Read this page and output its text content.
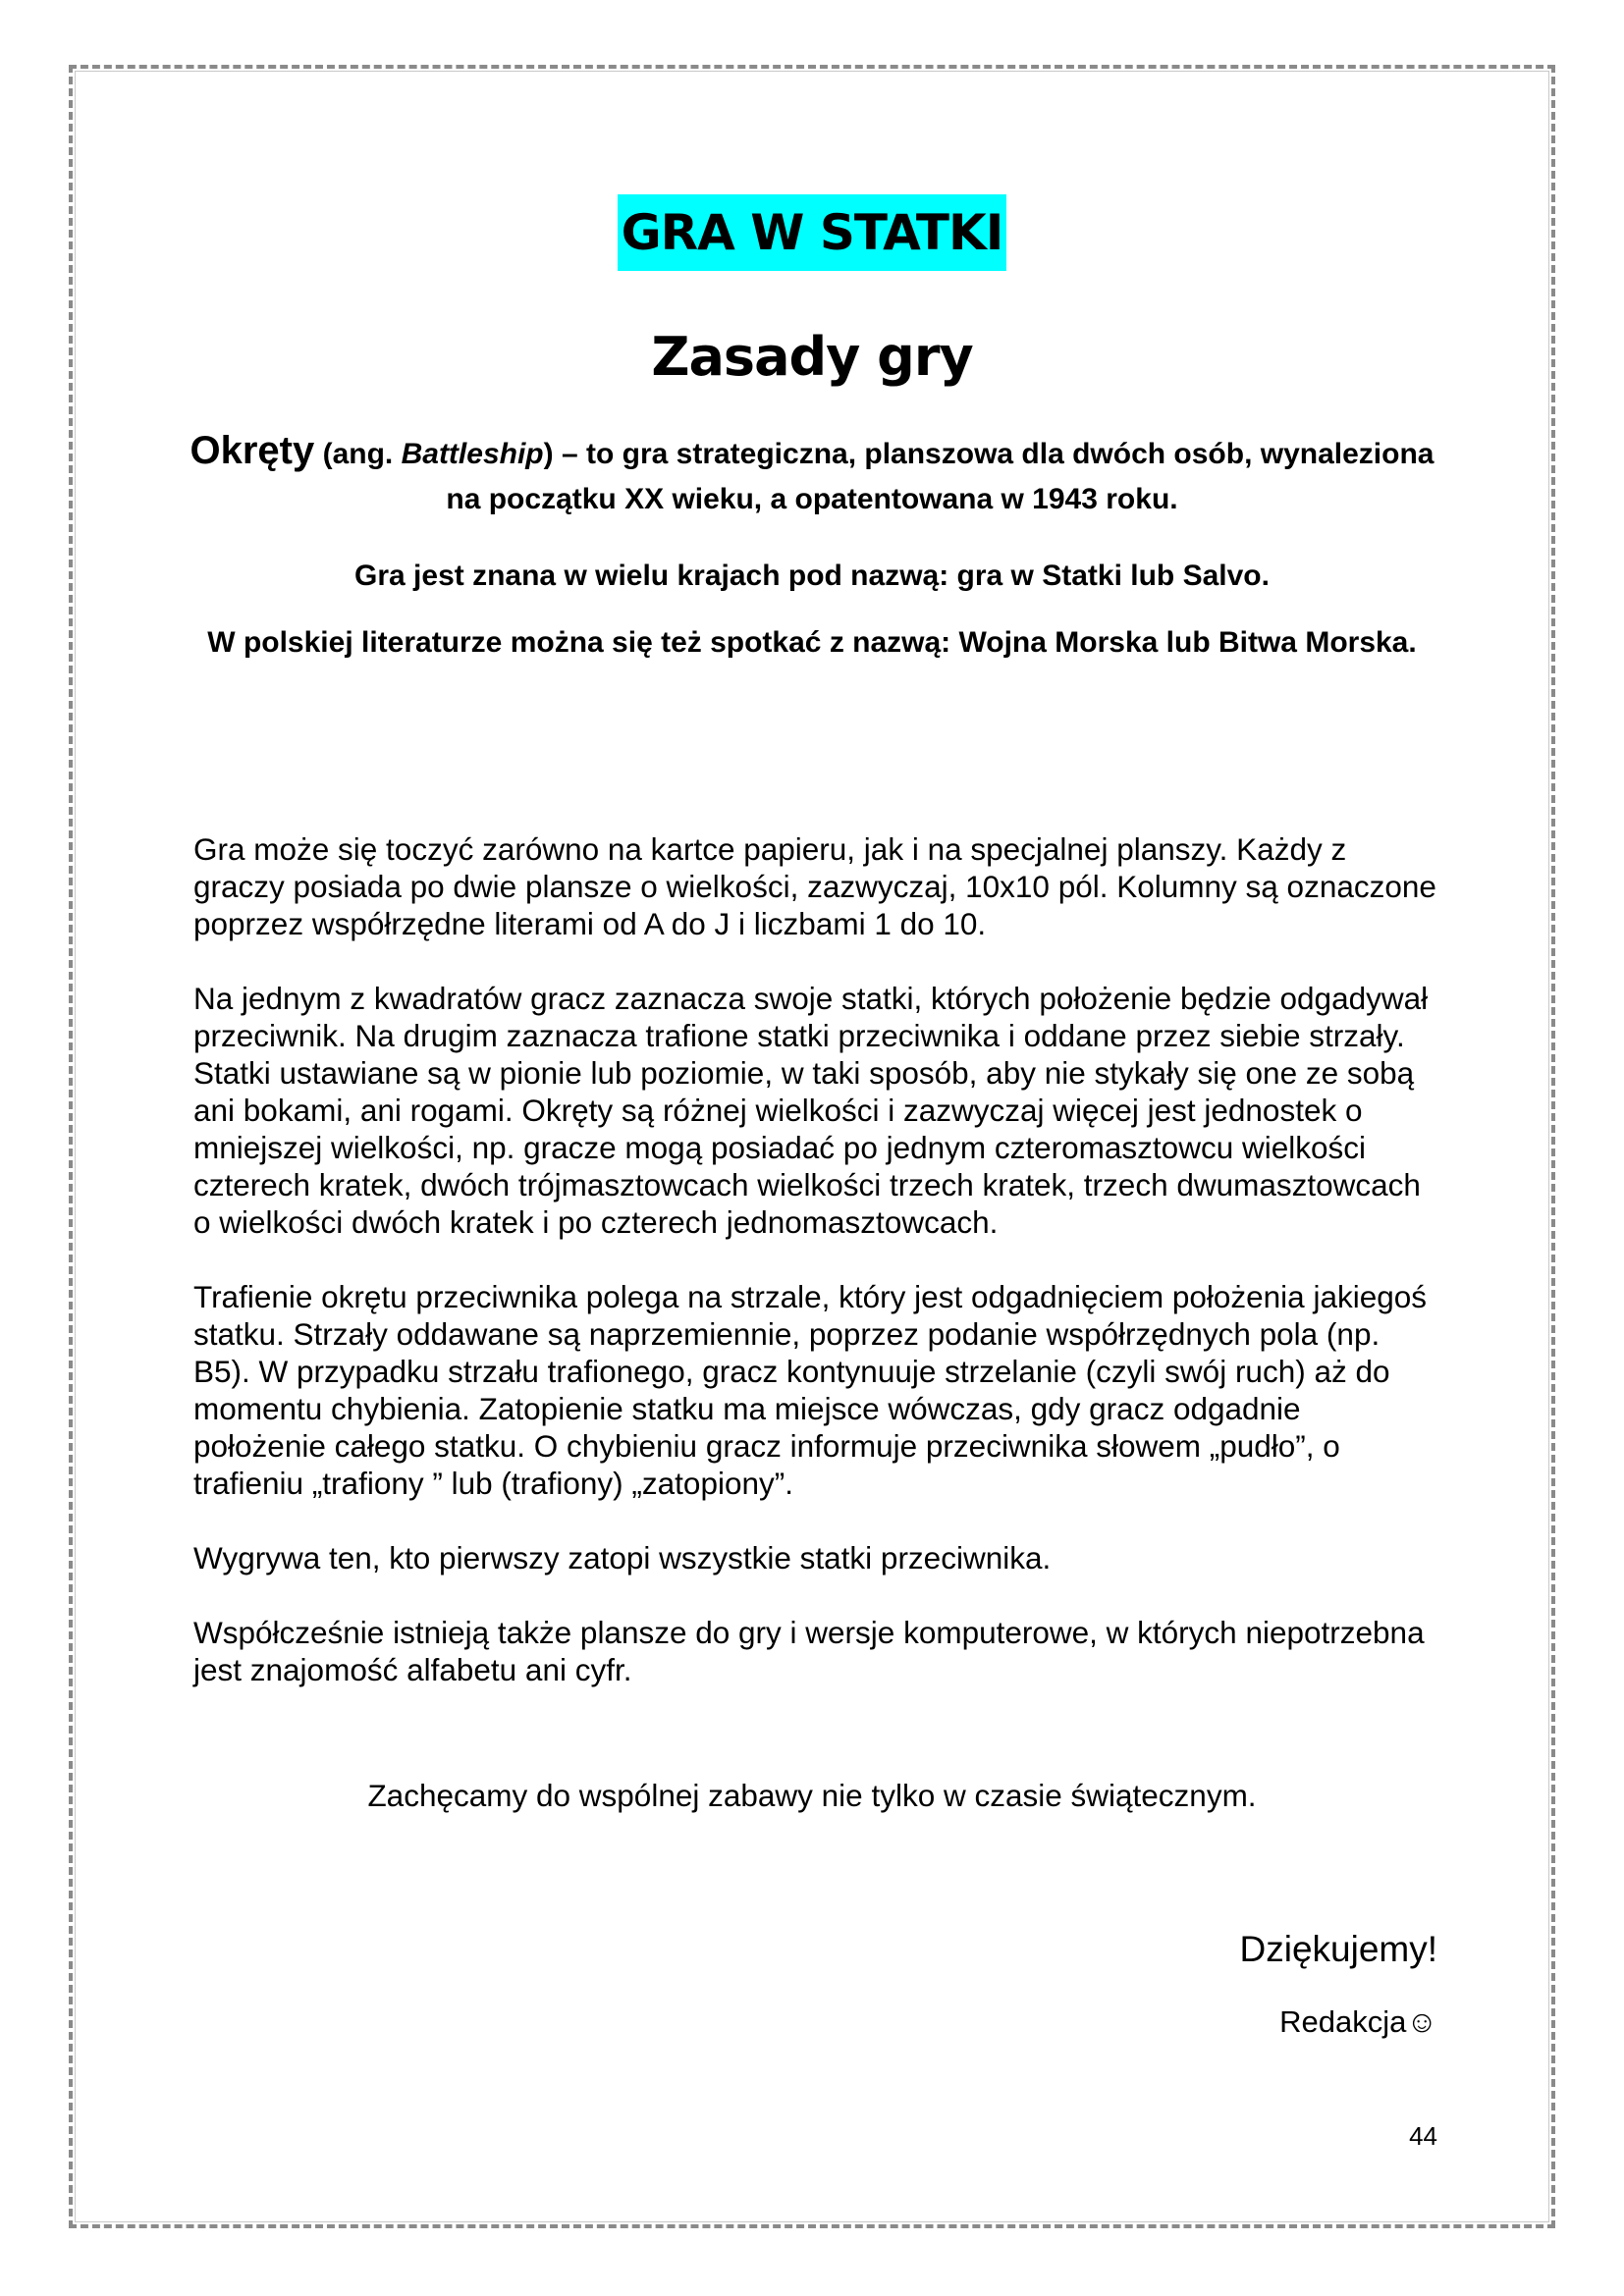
GRA W STATKI
Zasady gry
Okręty (ang. Battleship) – to gra strategiczna, planszowa dla dwóch osób, wynaleziona na początku XX wieku, a opatentowana w 1943 roku.
Gra jest znana w wielu krajach pod nazwą: gra w Statki lub Salvo.
W polskiej literaturze można się też spotkać z nazwą: Wojna Morska lub Bitwa Morska.

Gra może się toczyć zarówno na kartce papieru, jak i na specjalnej planszy. Każdy z graczy posiada po dwie plansze o wielkości, zazwyczaj, 10x10 pól. Kolumny są oznaczone poprzez współrzędne literami od A do J i liczbami 1 do 10.

Na jednym z kwadratów gracz zaznacza swoje statki, których położenie będzie odgadywał przeciwnik. Na drugim zaznacza trafione statki przeciwnika i oddane przez siebie strzały. Statki ustawiane są w pionie lub poziomie, w taki sposób, aby nie stykały się one ze sobą ani bokami, ani rogami. Okręty są różnej wielkości i zazwyczaj więcej jest jednostek o mniejszej wielkości, np. gracze mogą posiadać po jednym czteromasztowcu wielkości czterech kratek, dwóch trójmasztowcach wielkości trzech kratek, trzech dwumasztowcach o wielkości dwóch kratek i po czterech jednomasztowcach.

Trafienie okrętu przeciwnika polega na strzale, który jest odgadnięciem położenia jakiegoś statku. Strzały oddawane są naprzemiennie, poprzez podanie współrzędnych pola (np. B5). W przypadku strzału trafionego, gracz kontynuuje strzelanie (czyli swój ruch) aż do momentu chybienia. Zatopienie statku ma miejsce wówczas, gdy gracz odgadnie położenie całego statku. O chybieniu gracz informuje przeciwnika słowem „pudło”, o trafieniu „trafiony ” lub (trafiony) „zatopiony”.

Wygrywa ten, kto pierwszy zatopi wszystkie statki przeciwnika.

Współcześnie istnieją także plansze do gry i wersje komputerowe, w których niepotrzebna jest znajomość alfabetu ani cyfr.

Zachęcamy do wspólnej zabawy nie tylko w czasie świątecznym.
Dziękujemy!
Redakcja☺
44
